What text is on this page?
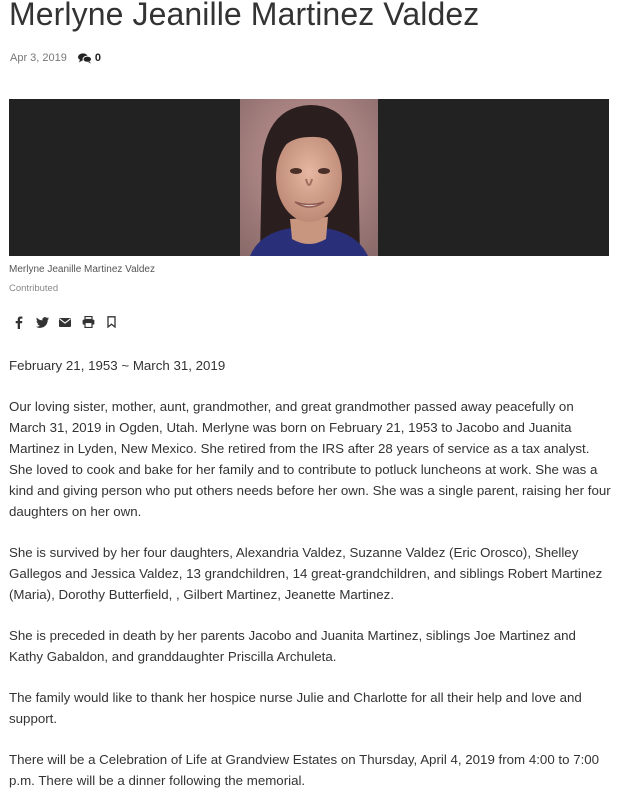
Merlyne Jeanille Martinez Valdez
Apr 3, 2019	0
Merlyne Jeanille Martinez Valdez
Contributed

February 21, 1953 ~ March 31, 2019

Our loving sister, mother, aunt, grandmother, and great grandmother passed away peacefully on March 31, 2019 in Ogden, Utah. Merlyne was born on February 21, 1953 to Jacobo and Juanita Martinez in Lyden, New Mexico. She retired from the IRS after 28 years of service as a tax analyst. She loved to cook and bake for her family and to contribute to potluck luncheons at work. She was a kind and giving person who put others needs before her own. She was a single parent, raising her four daughters on her own.

She is survived by her four daughters, Alexandria Valdez, Suzanne Valdez (Eric Orosco), Shelley Gallegos and Jessica Valdez, 13 grandchildren, 14 great-grandchildren, and siblings Robert Martinez (Maria), Dorothy Butterfield, , Gilbert Martinez, Jeanette Martinez.

She is preceded in death by her parents Jacobo and Juanita Martinez, siblings Joe Martinez and Kathy Gabaldon, and granddaughter Priscilla Archuleta.

The family would like to thank her hospice nurse Julie and Charlotte for all their help and love and support.

There will be a Celebration of Life at Grandview Estates on Thursday, April 4, 2019 from 4:00 to 7:00 p.m. There will be a dinner following the memorial.
